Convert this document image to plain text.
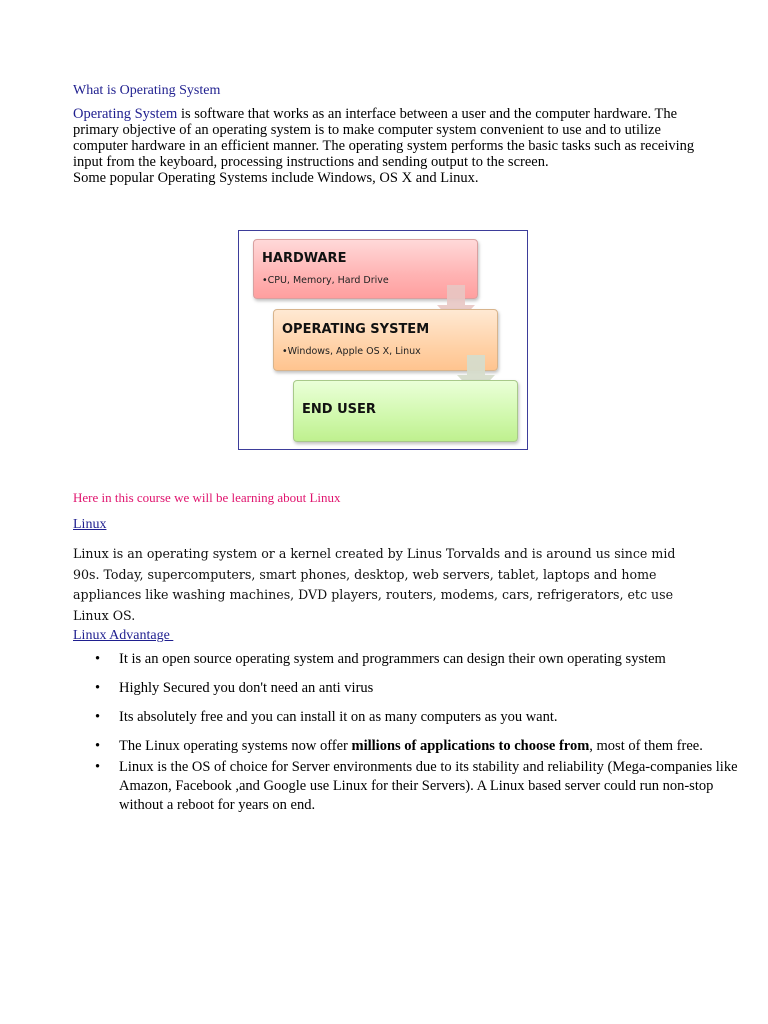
What is Operating System

Operating System is software that works as an interface between a user and the computer hardware. The primary objective of an operating system is to make computer system convenient to use and to utilize computer hardware in an efficient manner. The operating system performs the basic tasks such as receiving input from the keyboard, processing instructions and sending output to the screen.

Some popular Operating Systems include Windows, OS X and Linux.

HARDWARE
•CPU, Memory, Hard Drive
OPERATING SYSTEM
•Windows, Apple OS X, Linux
END USER
Here in this course we will be learning about Linux
Linux
Linux is an operating system or a kernel created by Linus Torvalds and is around us since mid 90s. Today, supercomputers, smart phones, desktop, web servers, tablet, laptops and home appliances like washing machines, DVD players, routers, modems, cars, refrigerators, etc use Linux OS.
Linux Advantage
• It is an open source operating system and programmers can design their own operating system
• Highly Secured you don't need an anti virus
• Its absolutely free and you can install it on as many computers as you want.
• The Linux operating systems now offer millions of applications to choose from, most of them free.
• Linux is the OS of choice for Server environments due to its stability and reliability (Mega-companies like Amazon, Facebook ,and Google use Linux for their Servers). A Linux based server could run non-stop without a reboot for years on end.
